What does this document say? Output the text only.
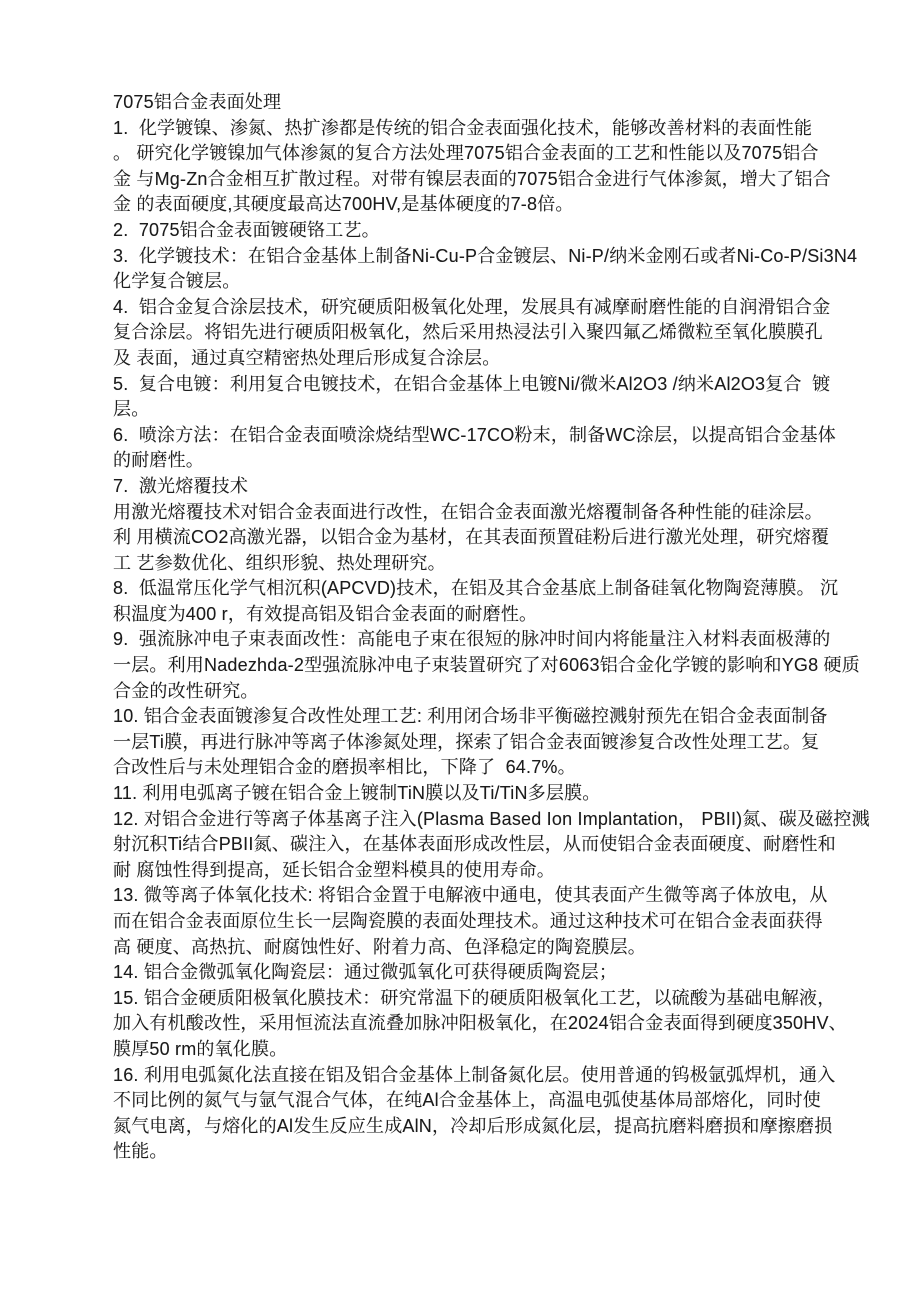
7075铝合金表面处理
1.  化学镀镍、渗氮、热扩渗都是传统的铝合金表面强化技术，能够改善材料的表面性能
。 研究化学镀镍加气体渗氮的复合方法处理7075铝合金表面的工艺和性能以及7075铝合
金 与Mg-Zn合金相互扩散过程。对带有镍层表面的7075铝合金进行气体渗氮，增大了铝合
金 的表面硬度,其硬度最高达700HV,是基体硬度的7-8倍。
2.  7075铝合金表面镀硬铬工艺。
3.  化学镀技术：在铝合金基体上制备Ni-Cu-P合金镀层、Ni-P/纳米金刚石或者Ni-Co-P/Si3N4
化学复合镀层。
4.  铝合金复合涂层技术，研究硬质阳极氧化处理，发展具有减摩耐磨性能的自润滑铝合金
复合涂层。将铝先进行硬质阳极氧化，然后采用热浸法引入聚四氟乙烯微粒至氧化膜膜孔
及 表面，通过真空精密热处理后形成复合涂层。
5.  复合电镀：利用复合电镀技术，在铝合金基体上电镀Ni/微米Al2O3 /纳米Al2O3复合  镀
层。
6.  喷涂方法：在铝合金表面喷涂烧结型WC-17CO粉末，制备WC涂层，以提高铝合金基体
的耐磨性。
7.  激光熔覆技术
用激光熔覆技术对铝合金表面进行改性，在铝合金表面激光熔覆制备各种性能的硅涂层。
利 用横流CO2高激光器，以铝合金为基材，在其表面预置硅粉后进行激光处理，研究熔覆
工 艺参数优化、组织形貌、热处理研究。
8.  低温常压化学气相沉积(APCVD)技术，在铝及其合金基底上制备硅氧化物陶瓷薄膜。 沉
积温度为400 r，有效提高铝及铝合金表面的耐磨性。
9.  强流脉冲电子束表面改性：高能电子束在很短的脉冲时间内将能量注入材料表面极薄的
一层。利用Nadezhda-2型强流脉冲电子束装置研究了对6063铝合金化学镀的影响和YG8 硬质
合金的改性研究。
10. 铝合金表面镀渗复合改性处理工艺: 利用闭合场非平衡磁控溅射预先在铝合金表面制备
一层Ti膜，再进行脉冲等离子体渗氮处理，探索了铝合金表面镀渗复合改性处理工艺。复
合改性后与未处理铝合金的磨损率相比，下降了  64.7%。
11. 利用电弧离子镀在铝合金上镀制TiN膜以及Ti/TiN多层膜。
12. 对铝合金进行等离子体基离子注入(Plasma Based Ion Implantation， PBII)氮、碳及磁控溅
射沉积Ti结合PBII氮、碳注入，在基体表面形成改性层，从而使铝合金表面硬度、耐磨性和
耐 腐蚀性得到提高，延长铝合金塑料模具的使用寿命。
13. 微等离子体氧化技术: 将铝合金置于电解液中通电，使其表面产生微等离子体放电，从
而在铝合金表面原位生长一层陶瓷膜的表面处理技术。通过这种技术可在铝合金表面获得
高 硬度、高热抗、耐腐蚀性好、附着力高、色泽稳定的陶瓷膜层。
14. 铝合金微弧氧化陶瓷层：通过微弧氧化可获得硬质陶瓷层；
15. 铝合金硬质阳极氧化膜技术：研究常温下的硬质阳极氧化工艺，以硫酸为基础电解液，
加入有机酸改性，采用恒流法直流叠加脉冲阳极氧化，在2024铝合金表面得到硬度350HV、
膜厚50 rm的氧化膜。
16. 利用电弧氮化法直接在铝及铝合金基体上制备氮化层。使用普通的钨极氩弧焊机，通入
不同比例的氮气与氩气混合气体，在纯Al合金基体上，高温电弧使基体局部熔化，同时使
氮气电离，与熔化的Al发生反应生成AlN，冷却后形成氮化层，提高抗磨料磨损和摩擦磨损
性能。
